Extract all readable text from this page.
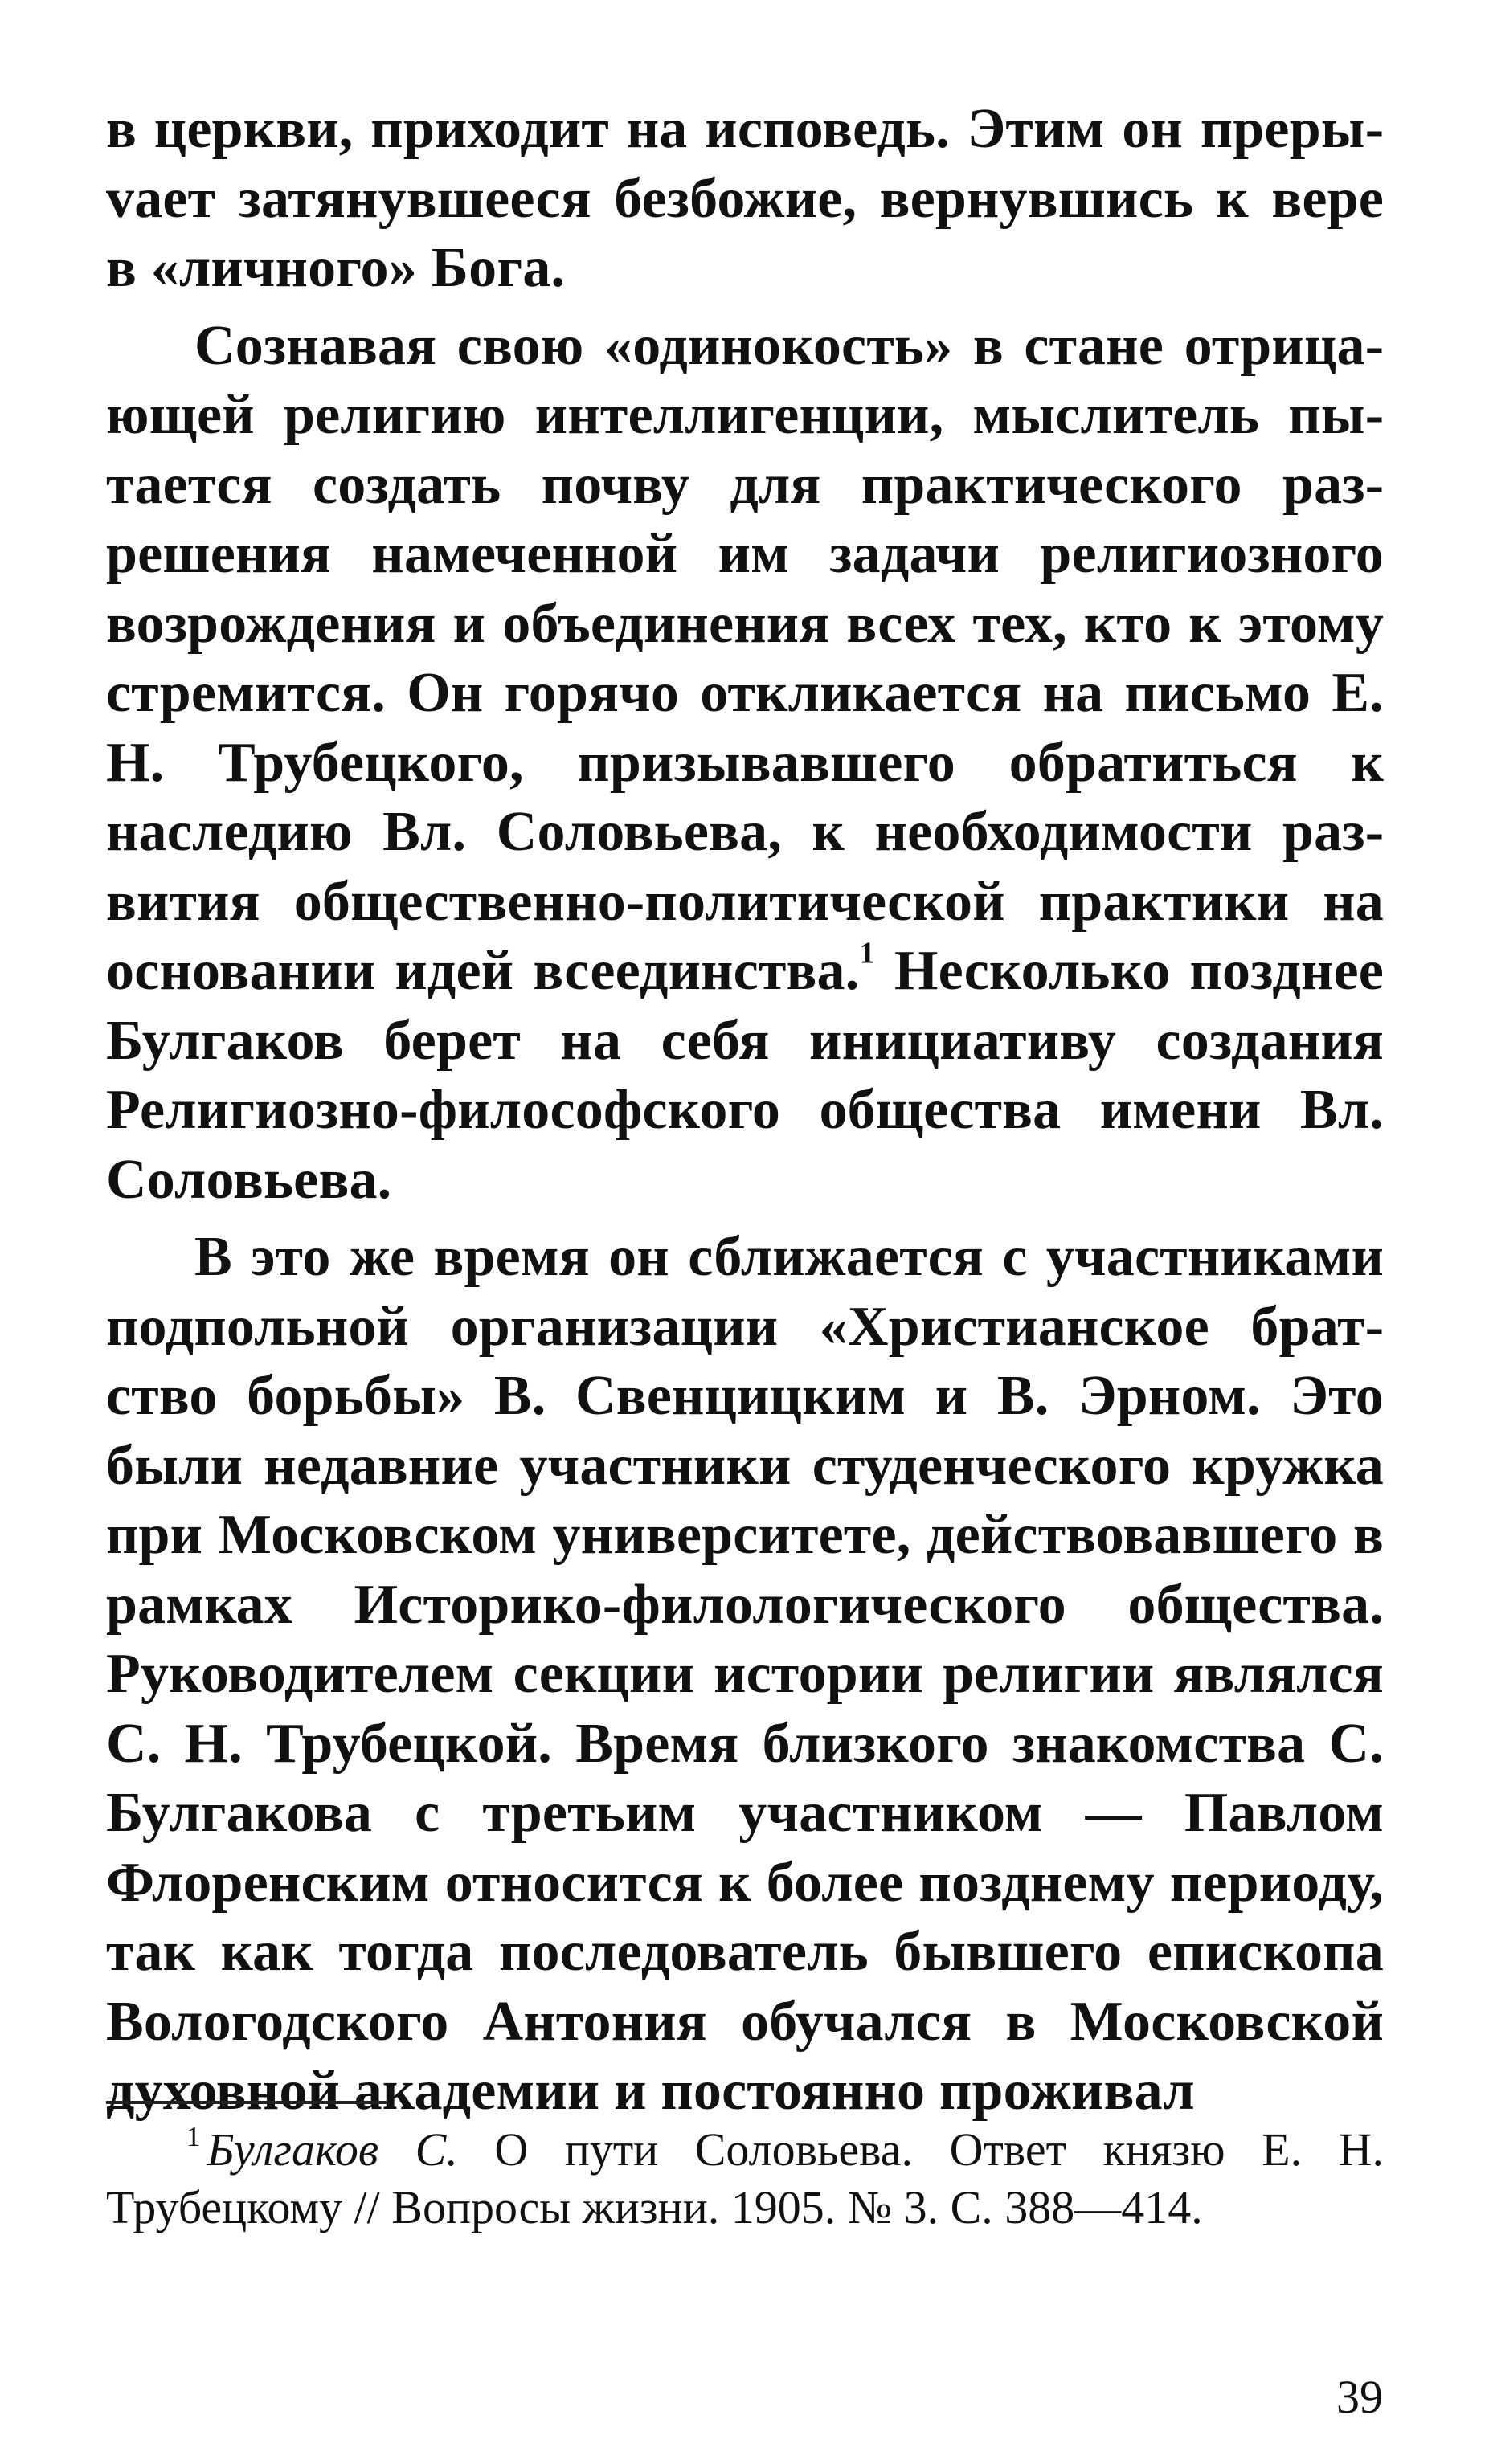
в церкви, приходит на исповедь. Этим он прерыvает затянувшееся безбожие, вернувшись к вере в «личного» Бога.

Сознавая свою «одинокость» в стане отрицающей религию интеллигенции, мыслитель пытается создать почву для практического разрешения намеченной им задачи религиозного возрождения и объединения всех тех, кто к этому стремится. Он горячо откликается на письмо Е. Н. Трубецкого, призывавшего обратиться к наследию Вл. Соловьева, к необходимости развития общественно-политической практики на основании идей всеединства.$^1$ Несколько позднее Булгаков берет на себя инициативу создания Религиозно-философского общества имени Вл. Соловьева.

В это же время он сближается с участниками подпольной организации «Христианское братство борьбы» В. Свенцицким и В. Эрном. Это были недавние участники студенческого кружка при Московском университете, действовавшего в рамках Историко-филологического общества. Руководителем секции истории религии являлся С. Н. Трубецкой. Время близкого знакомства С. Булгакова с третьим участником — Павлом Флоренским относится к более позднему периоду, так как тогда последователь бывшего епископа Вологодского Антония обучался в Московской духовной академии и постоянно проживал

$^1$ Булгаков С. О пути Соловьева. Ответ князю Е. Н. Трубецкому // Вопросы жизни. 1905. № 3. С. 388—414.

39
